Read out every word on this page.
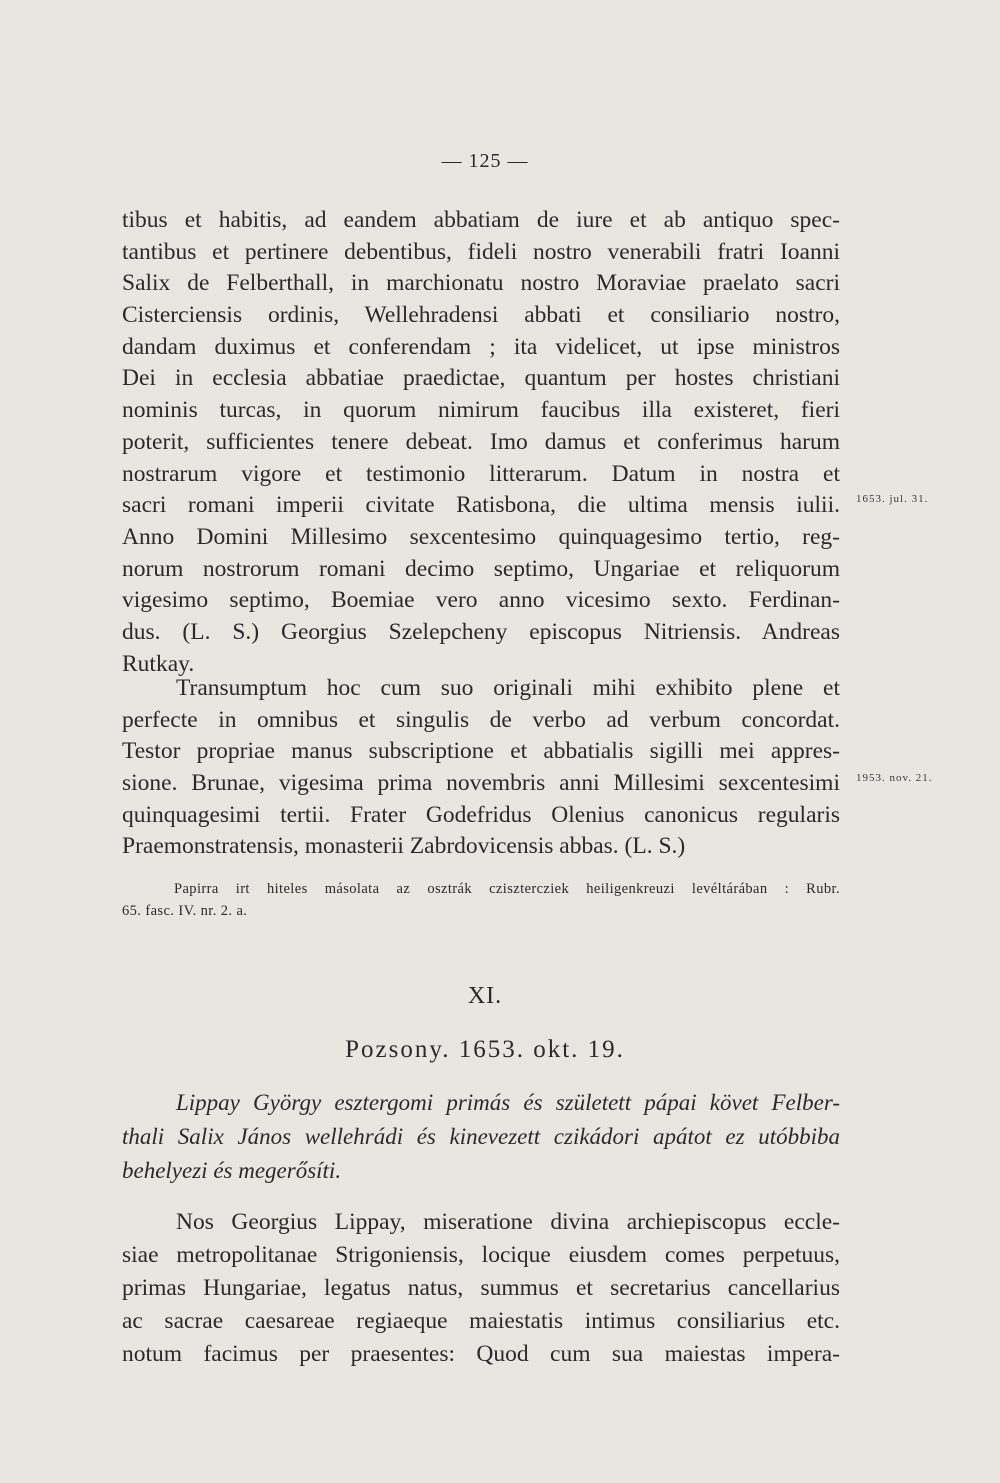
— 125 —
tibus et habitis, ad eandem abbatiam de iure et ab antiquo spec-
tantibus et pertinere debentibus, fideli nostro venerabili fratri Ioanni
Salix de Felberthall, in marchionatu nostro Moraviae praelato sacri
Cisterciensis ordinis, Wellehradensi abbati et consiliario nostro,
dandam duximus et conferendam ; ita videlicet, ut ipse ministros
Dei in ecclesia abbatiae praedictae, quantum per hostes christiani
nominis turcas, in quorum nimirum faucibus illa existeret, fieri
poterit, sufficientes tenere debeat. Imo damus et conferimus harum
nostrarum vigore et testimonio litterarum. Datum in nostra et
sacri romani imperii civitate Ratisbona, die ultima mensis iulii.
Anno Domini Millesimo sexcentesimo quinquagesimo tertio, reg-
norum nostrorum romani decimo septimo, Ungariae et reliquorum
vigesimo septimo, Boemiae vero anno vicesimo sexto. Ferdinan-
dus. (L. S.) Georgius Szelepcheny episcopus Nitriensis. Andreas
Rutkay.
Transumptum hoc cum suo originali mihi exhibito plene et
perfecte in omnibus et singulis de verbo ad verbum concordat.
Testor propriae manus subscriptione et abbatialis sigilli mei appres-
sione. Brunae, vigesima prima novembris anni Millesimi sexcentesimi
quinquagesimi tertii. Frater Godefridus Olenius canonicus regularis
Praemonstratensis, monasterii Zabrdovicensis abbas. (L. S.)
1653. jul. 31.
1953. nov. 21.
Papirra irt hiteles másolata az osztrák czisztercziek heiligenkreuzi levéltárában : Rubr.
65. fasc. IV. nr. 2. a.
XI.
Pozsony. 1653. okt. 19.
Lippay György esztergomi primás és született pápai követ Felber-
thali Salix János wellehrádi és kinevezett czikádori apátot ez utóbbiba
behelyezi és megerősíti.
Nos Georgius Lippay, miseratione divina archiepiscopus eccle-
siae metropolitanae Strigoniensis, locique eiusdem comes perpetuus,
primas Hungariae, legatus natus, summus et secretarius cancellarius
ac sacrae caesareae regiaeque maiestatis intimus consiliarius etc.
notum facimus per praesentes: Quod cum sua maiestas impera-
